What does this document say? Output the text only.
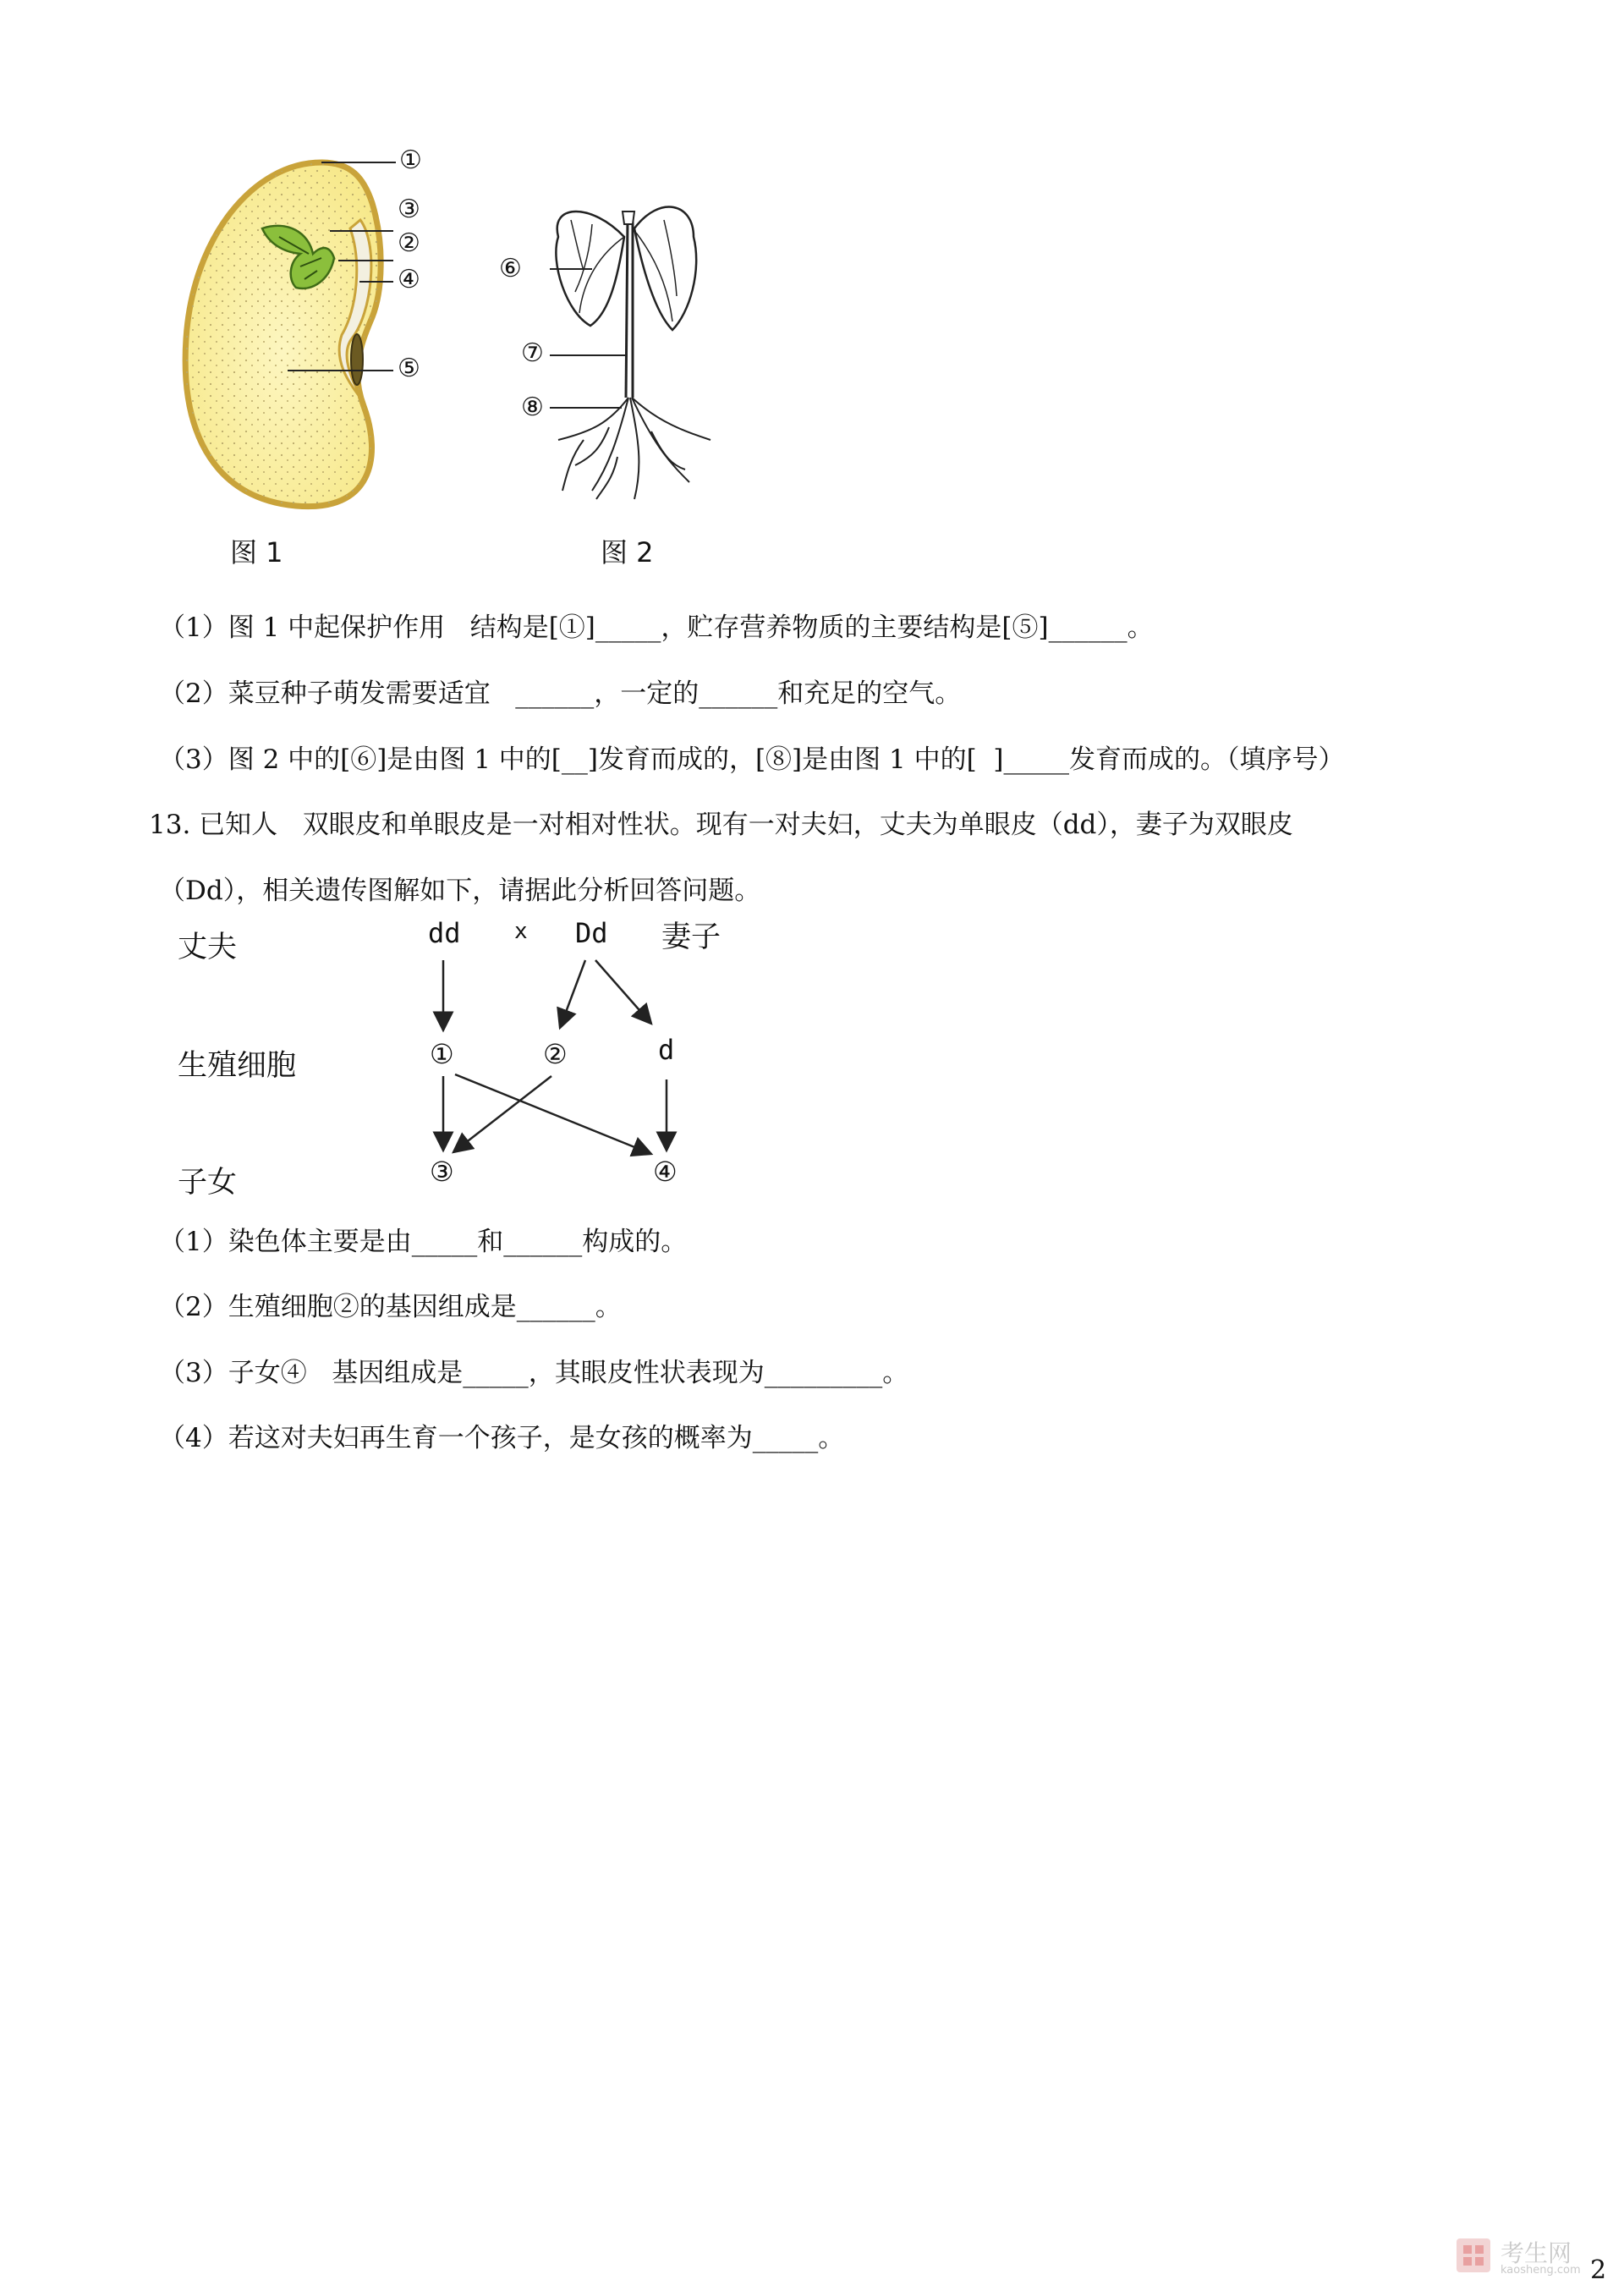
①
③
②
④
⑤
图 1
⑥
⑦
⑧
图 2
（1）图 1 中起保护作用   结构是[①]_____，贮存营养物质的主要结构是[⑤]______。
（2）菜豆种子萌发需要适宜   ______，一定的______和充足的空气。
（3）图 2 中的[⑥]是由图 1 中的[__]发育而成的，[⑧]是由图 1 中的[  ]_____发育而成的。（填序号）
13. 已知人   双眼皮和单眼皮是一对相对性状。现有一对夫妇，丈夫为单眼皮（dd），妻子为双眼皮
（Dd），相关遗传图解如下，请据此分析回答问题。
丈夫	妻子
生殖细胞
子女
dd x Dd
①	②	d
③	④
（1）染色体主要是由_____和______构成的。
（2）生殖细胞②的基因组成是______。
（3）子女④   基因组成是_____，其眼皮性状表现为_________。
（4）若这对夫妇再生育一个孩子，是女孩的概率为_____。
考生网
kaosheng.com 2
